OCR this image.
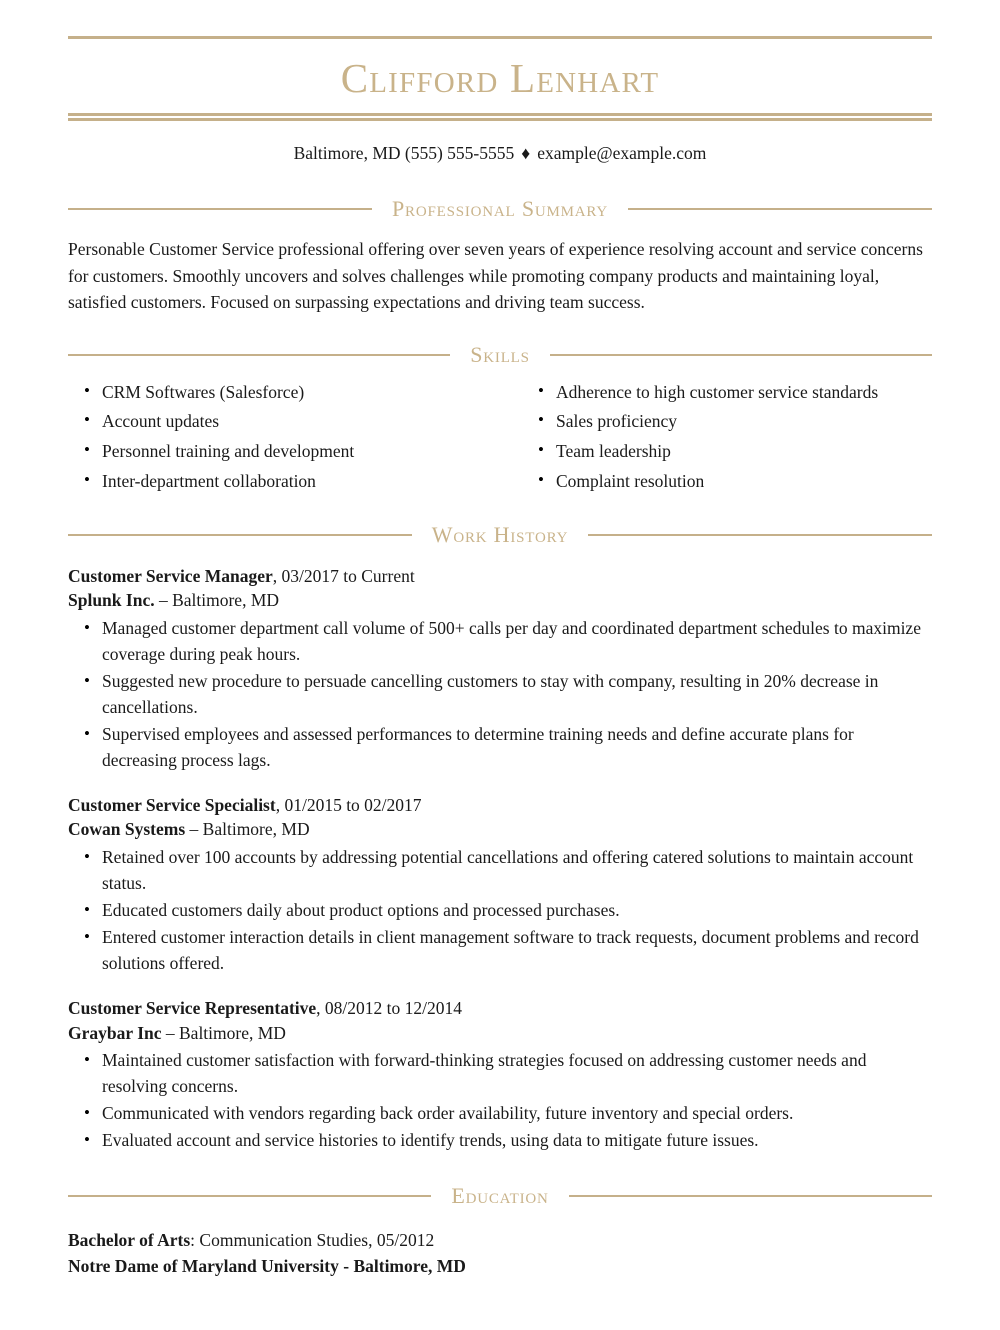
Clifford Lenhart
Baltimore, MD (555) 555-5555 ♦ example@example.com
Professional Summary
Personable Customer Service professional offering over seven years of experience resolving account and service concerns for customers. Smoothly uncovers and solves challenges while promoting company products and maintaining loyal, satisfied customers. Focused on surpassing expectations and driving team success.
Skills
• CRM Softwares (Salesforce)
• Account updates
• Personnel training and development
• Inter-department collaboration
• Adherence to high customer service standards
• Sales proficiency
• Team leadership
• Complaint resolution
Work History
Customer Service Manager, 03/2017 to Current
Splunk Inc. – Baltimore, MD
• Managed customer department call volume of 500+ calls per day and coordinated department schedules to maximize coverage during peak hours.
• Suggested new procedure to persuade cancelling customers to stay with company, resulting in 20% decrease in cancellations.
• Supervised employees and assessed performances to determine training needs and define accurate plans for decreasing process lags.
Customer Service Specialist, 01/2015 to 02/2017
Cowan Systems – Baltimore, MD
• Retained over 100 accounts by addressing potential cancellations and offering catered solutions to maintain account status.
• Educated customers daily about product options and processed purchases.
• Entered customer interaction details in client management software to track requests, document problems and record solutions offered.
Customer Service Representative, 08/2012 to 12/2014
Graybar Inc – Baltimore, MD
• Maintained customer satisfaction with forward-thinking strategies focused on addressing customer needs and resolving concerns.
• Communicated with vendors regarding back order availability, future inventory and special orders.
• Evaluated account and service histories to identify trends, using data to mitigate future issues.
Education
Bachelor of Arts: Communication Studies, 05/2012
Notre Dame of Maryland University - Baltimore, MD
